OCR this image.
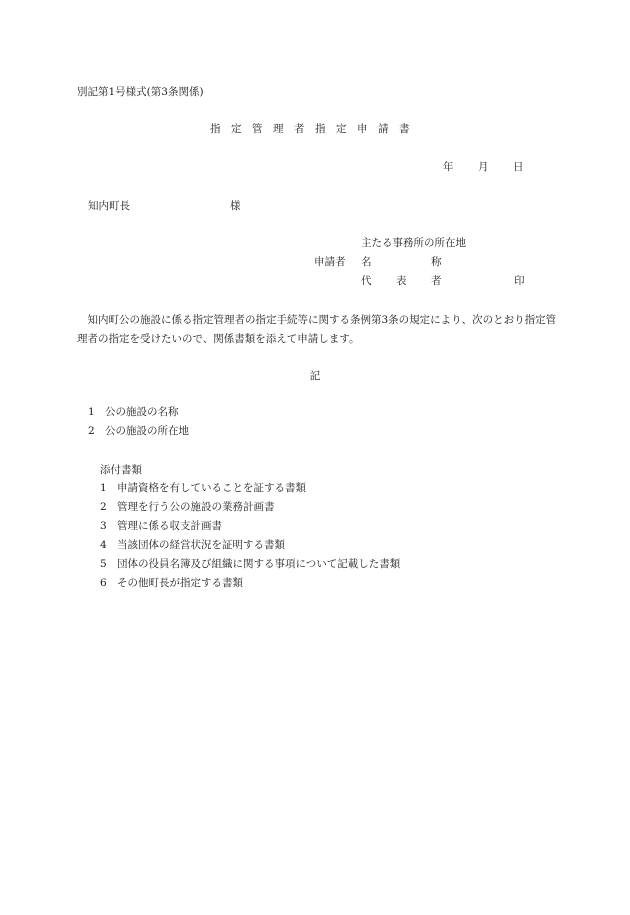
別記第1号様式(第3条関係)
指定管理者指定申請書
年 月 日
知内町長	様
主たる事務所の所在地
申請者 名	称
代 表 者	印
知内町公の施設に係る指定管理者の指定手続等に関する条例第3条の規定により、次のとおり指定管理者の指定を受けたいので、関係書類を添えて申請します。
記
1 公の施設の名称
2 公の施設の所在地
添付書類
1 申請資格を有していることを証する書類
2 管理を行う公の施設の業務計画書
3 管理に係る収支計画書
4 当該団体の経営状況を証明する書類
5 団体の役員名簿及び組織に関する事項について記載した書類
6 その他町長が指定する書類
